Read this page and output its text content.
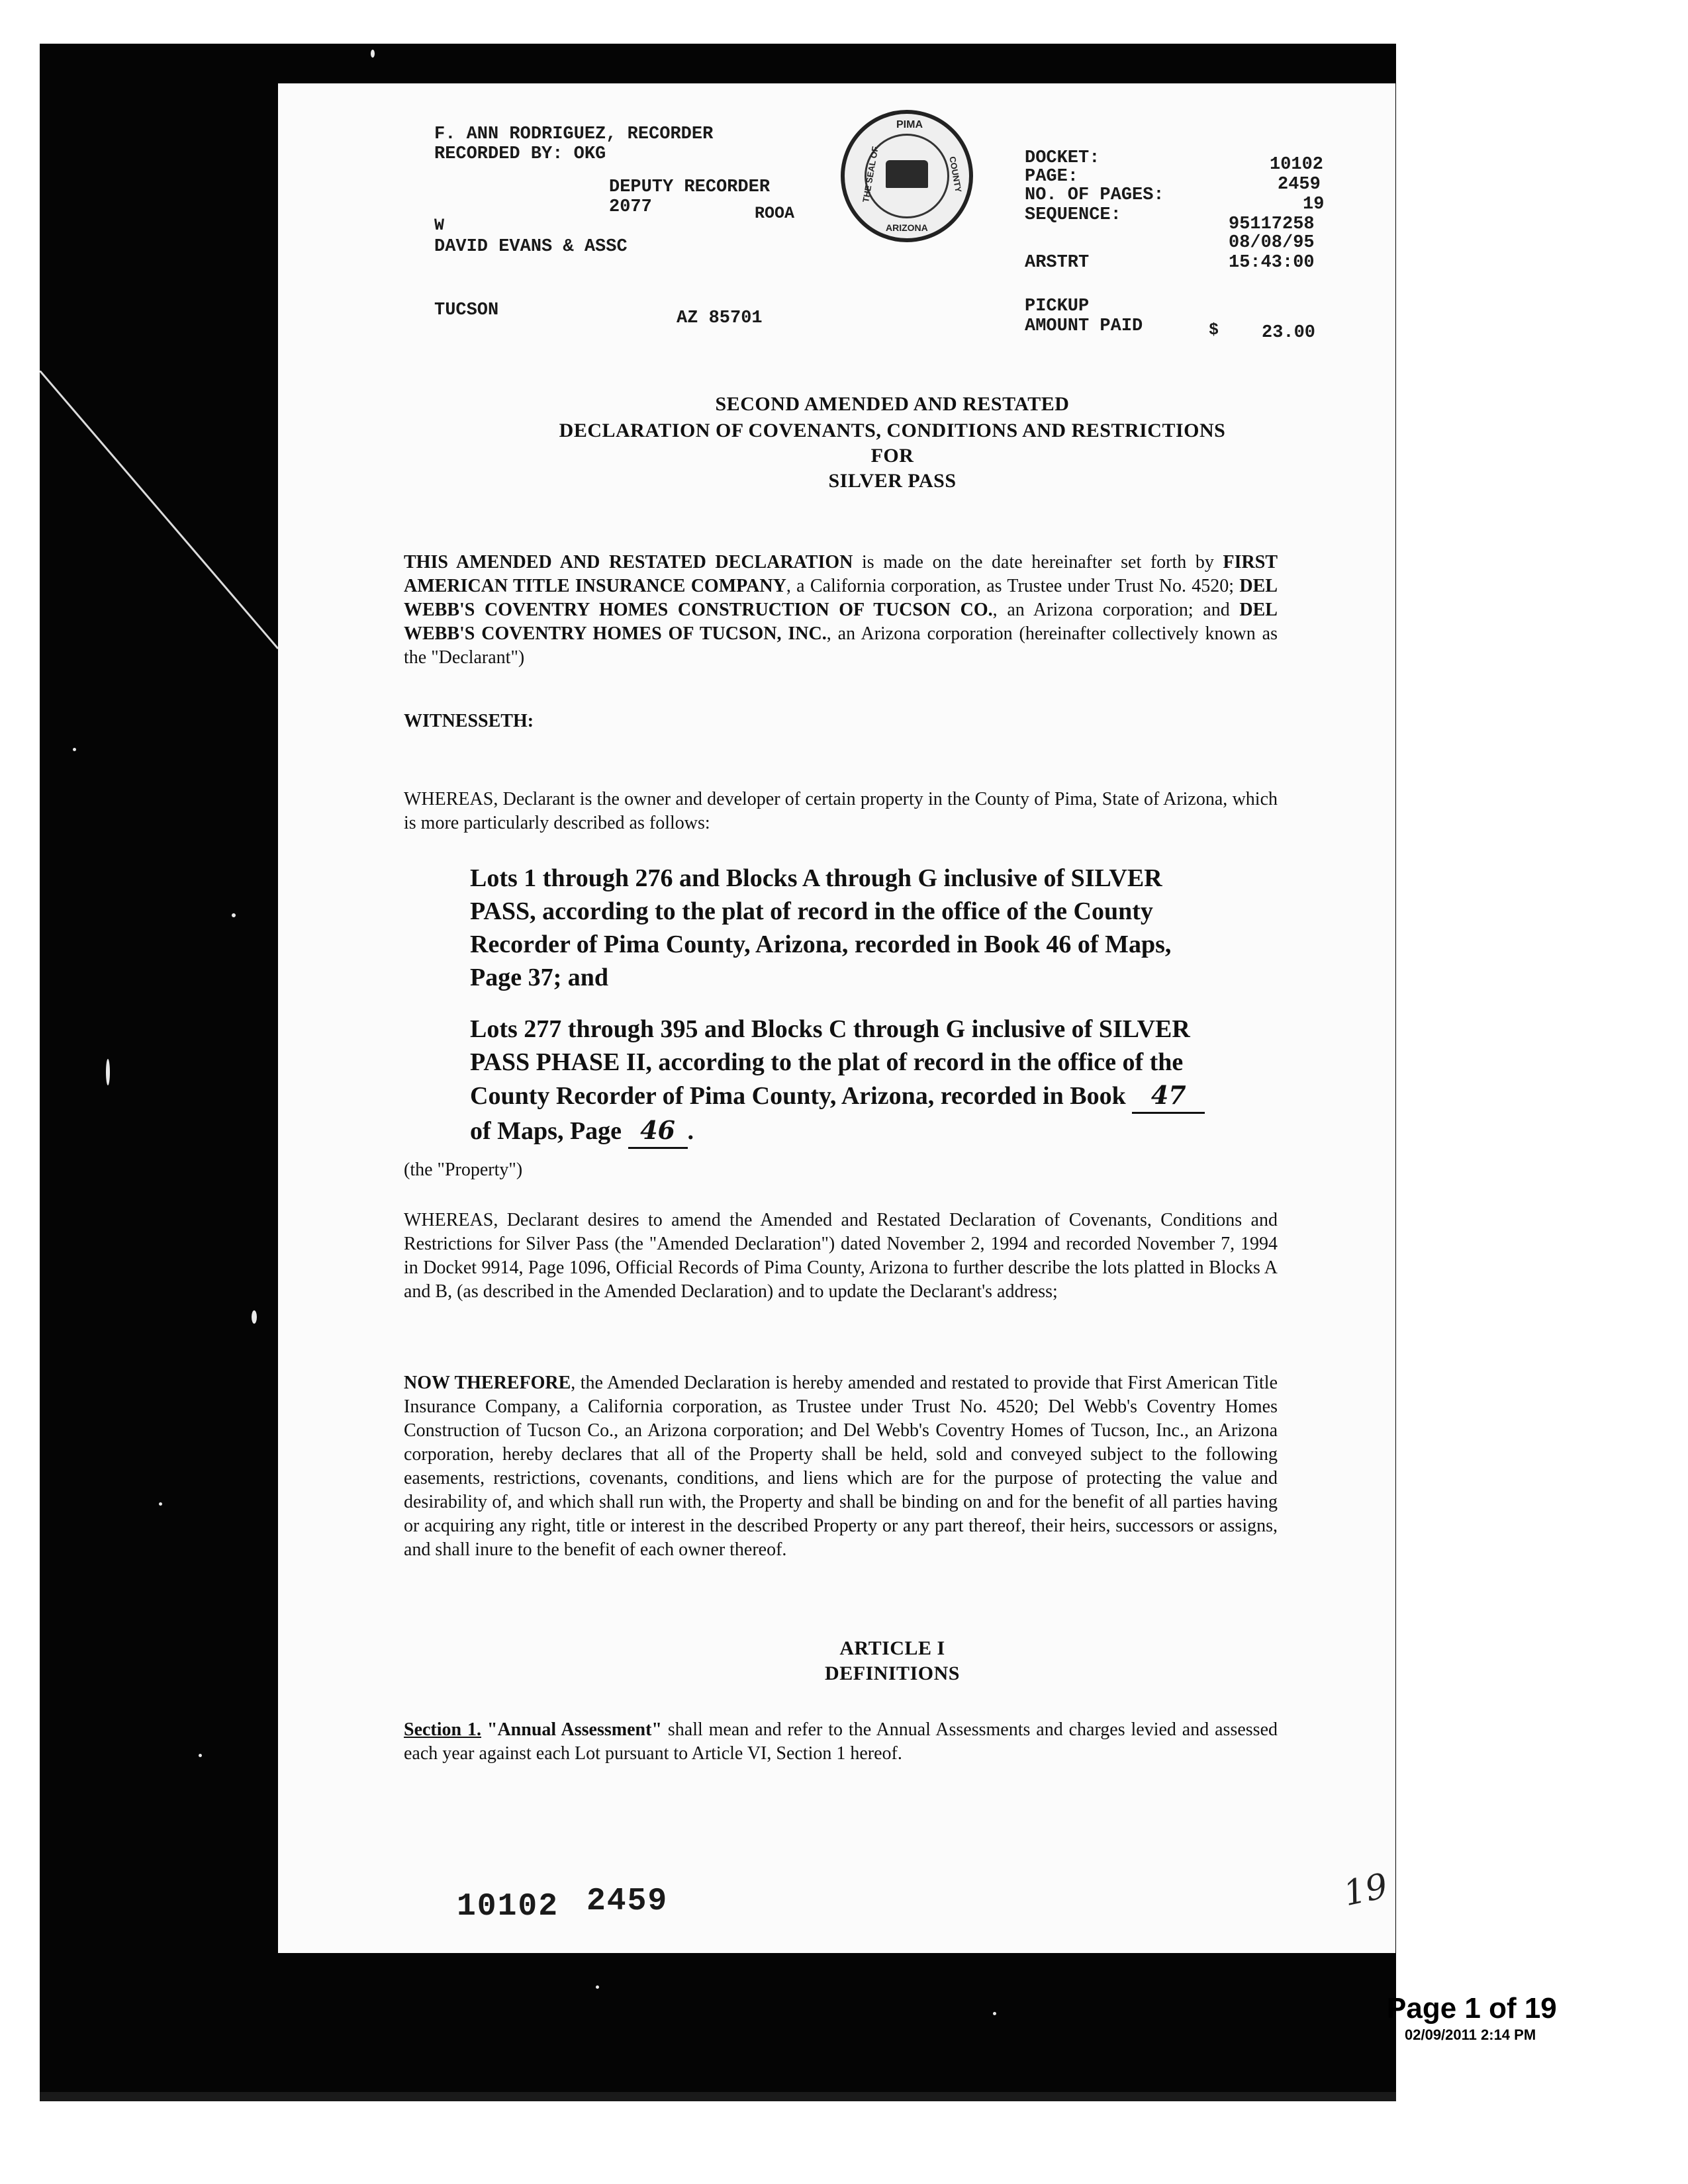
F. ANN RODRIGUEZ, RECORDER
RECORDED BY: OKG
DEPUTY RECORDER
2077	ROOA
W
DAVID EVANS & ASSC
TUCSON	AZ 85701
PIMA
THE SEAL OF	COUNTY
ARIZONA
DOCKET:	10102
PAGE:	2459
NO. OF PAGES:	19
SEQUENCE:	95117258
08/08/95
ARSTRT	15:43:00
PICKUP
AMOUNT PAID	$ 23.00
SECOND AMENDED AND RESTATED
DECLARATION OF COVENANTS, CONDITIONS AND RESTRICTIONS
FOR
SILVER PASS
THIS AMENDED AND RESTATED DECLARATION is made on the date hereinafter set forth by FIRST AMERICAN TITLE INSURANCE COMPANY, a California corporation, as Trustee under Trust No. 4520; DEL WEBB'S COVENTRY HOMES CONSTRUCTION OF TUCSON CO., an Arizona corporation; and DEL WEBB'S COVENTRY HOMES OF TUCSON, INC., an Arizona corporation (hereinafter collectively known as the "Declarant")
WITNESSETH:
WHEREAS, Declarant is the owner and developer of certain property in the County of Pima, State of Arizona, which is more particularly described as follows:
Lots 1 through 276 and Blocks A through G inclusive of SILVER PASS, according to the plat of record in the office of the County Recorder of Pima County, Arizona, recorded in Book 46 of Maps, Page 37; and
Lots 277 through 395 and Blocks C through G inclusive of SILVER PASS PHASE II, according to the plat of record in the office of the County Recorder of Pima County, Arizona, recorded in Book 47 of Maps, Page 46 .
(the "Property")
WHEREAS, Declarant desires to amend the Amended and Restated Declaration of Covenants, Conditions and Restrictions for Silver Pass (the "Amended Declaration") dated November 2, 1994 and recorded November 7, 1994 in Docket 9914, Page 1096, Official Records of Pima County, Arizona to further describe the lots platted in Blocks A and B, (as described in the Amended Declaration) and to update the Declarant's address;
NOW THEREFORE, the Amended Declaration is hereby amended and restated to provide that First American Title Insurance Company, a California corporation, as Trustee under Trust No. 4520; Del Webb's Coventry Homes Construction of Tucson Co., an Arizona corporation; and Del Webb's Coventry Homes of Tucson, Inc., an Arizona corporation, hereby declares that all of the Property shall be held, sold and conveyed subject to the following easements, restrictions, covenants, conditions, and liens which are for the purpose of protecting the value and desirability of, and which shall run with, the Property and shall be binding on and for the benefit of all parties having or acquiring any right, title or interest in the described Property or any part thereof, their heirs, successors or assigns, and shall inure to the benefit of each owner thereof.
ARTICLE I
DEFINITIONS
Section 1. "Annual Assessment" shall mean and refer to the Annual Assessments and charges levied and assessed each year against each Lot pursuant to Article VI, Section 1 hereof.
10102 2459	19
Page 1 of 19
02/09/2011 2:14 PM
